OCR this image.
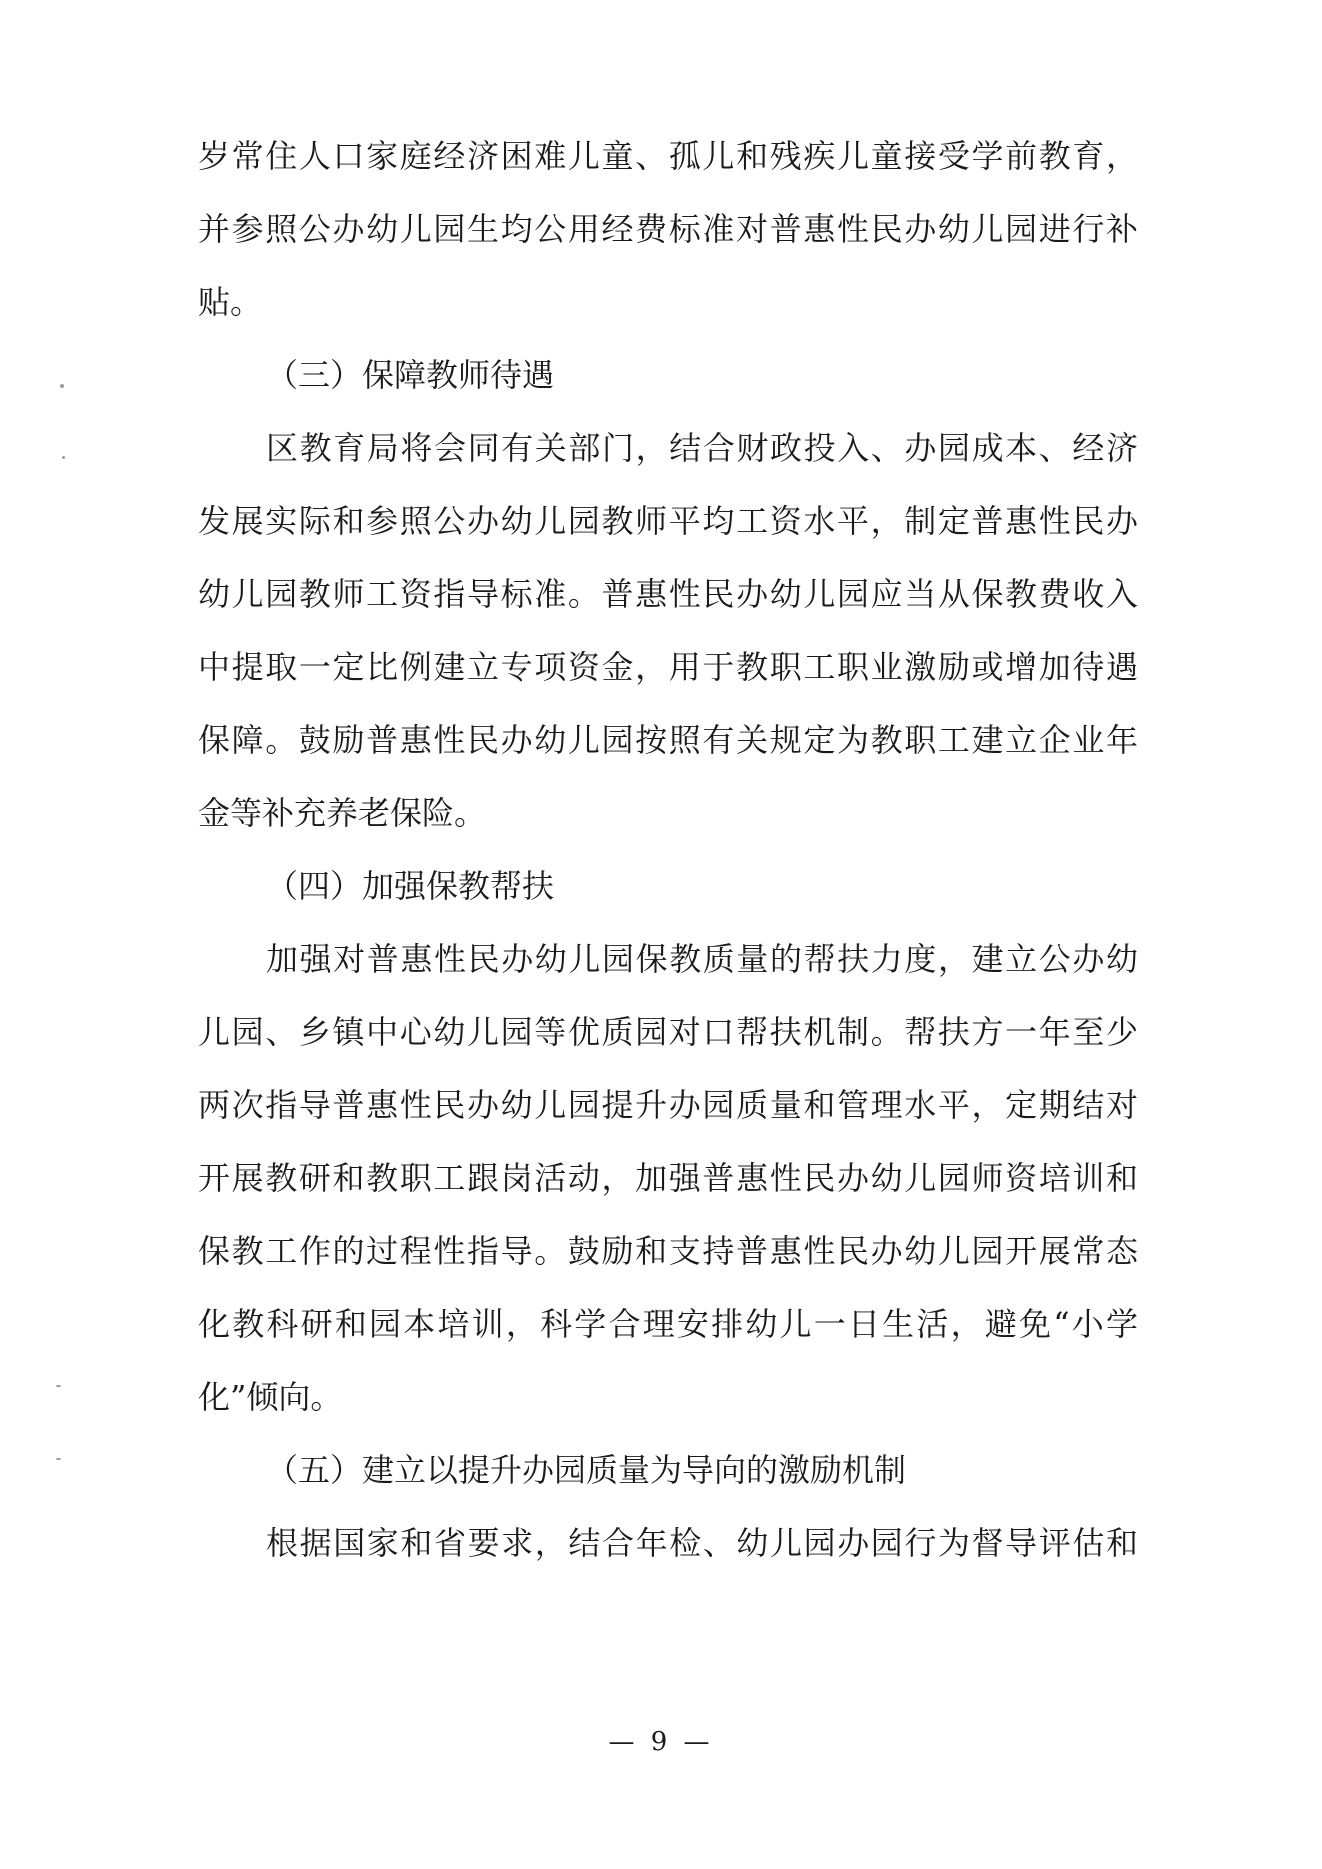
岁常住人口家庭经济困难儿童、孤儿和残疾儿童接受学前教育，
并参照公办幼儿园生均公用经费标准对普惠性民办幼儿园进行补
贴。
（三）保障教师待遇
区教育局将会同有关部门，结合财政投入、办园成本、经济
发展实际和参照公办幼儿园教师平均工资水平，制定普惠性民办
幼儿园教师工资指导标准。普惠性民办幼儿园应当从保教费收入
中提取一定比例建立专项资金，用于教职工职业激励或增加待遇
保障。鼓励普惠性民办幼儿园按照有关规定为教职工建立企业年
金等补充养老保险。
（四）加强保教帮扶
加强对普惠性民办幼儿园保教质量的帮扶力度，建立公办幼
儿园、乡镇中心幼儿园等优质园对口帮扶机制。帮扶方一年至少
两次指导普惠性民办幼儿园提升办园质量和管理水平，定期结对
开展教研和教职工跟岗活动，加强普惠性民办幼儿园师资培训和
保教工作的过程性指导。鼓励和支持普惠性民办幼儿园开展常态
化教科研和园本培训，科学合理安排幼儿一日生活，避免“小学
化”倾向。
（五）建立以提升办园质量为导向的激励机制
根据国家和省要求，结合年检、幼儿园办园行为督导评估和
— 9 —
